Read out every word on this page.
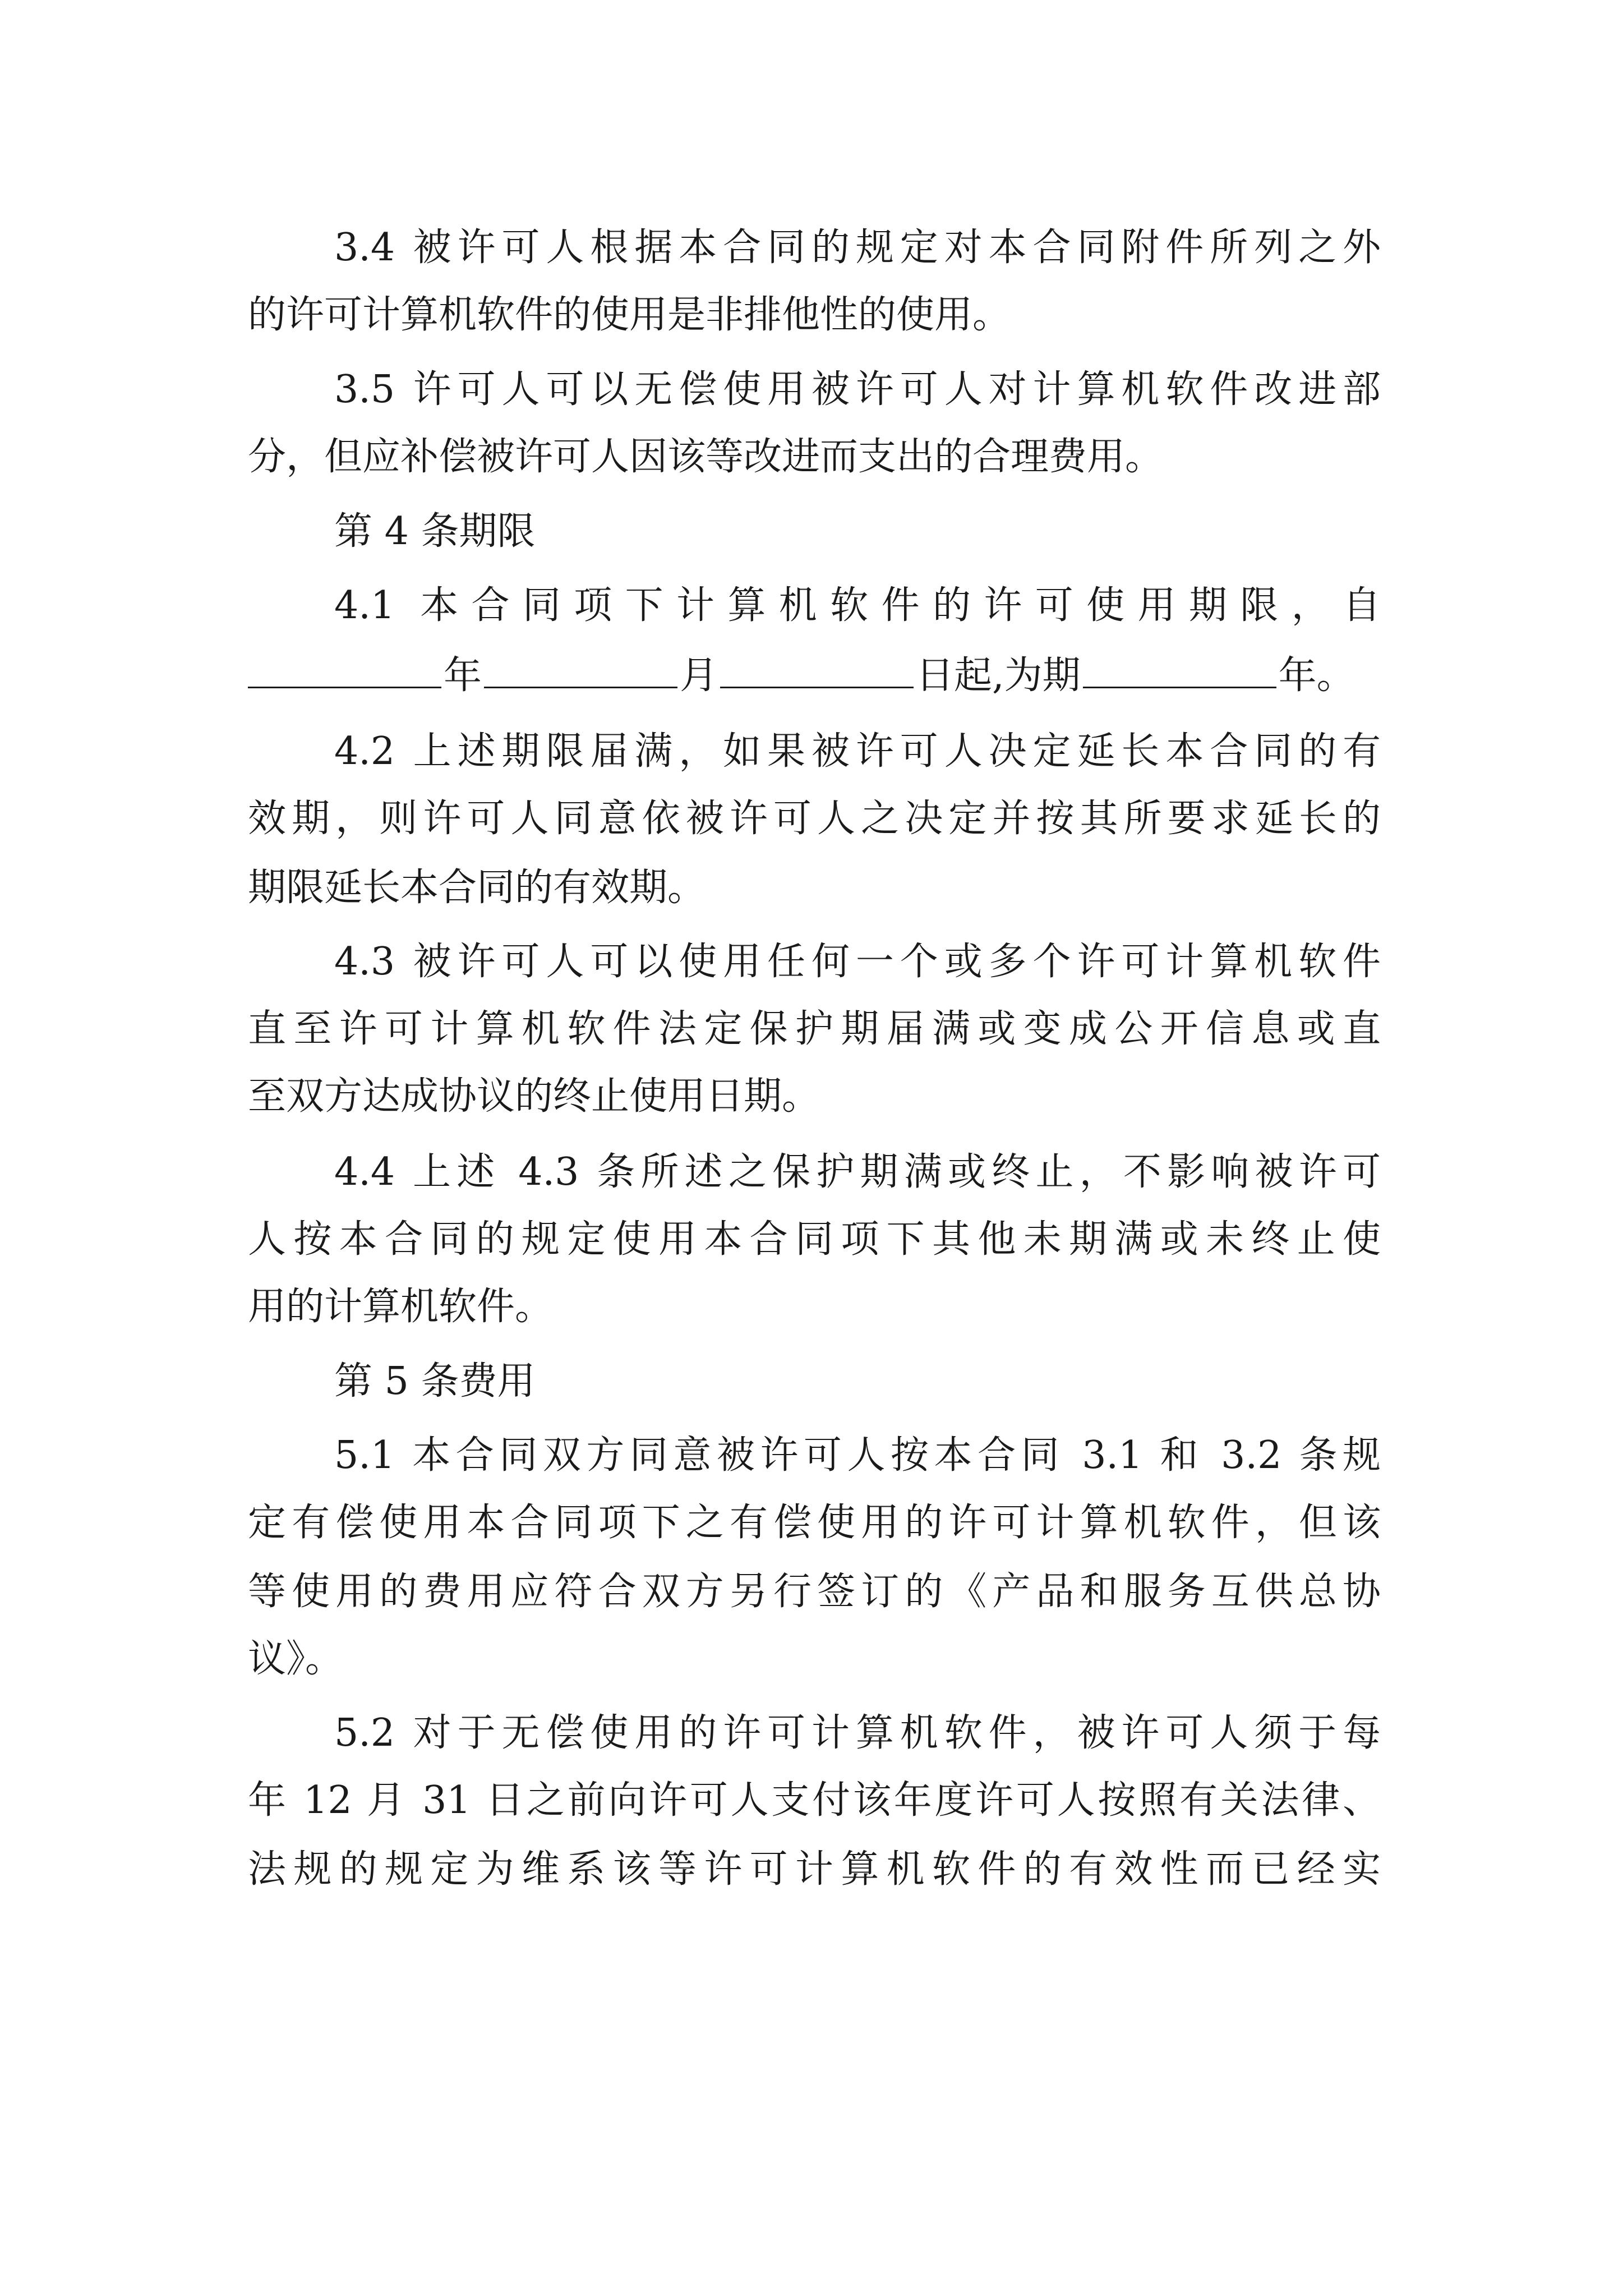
3.4 被许可人根据本合同的规定对本合同附件所列之外
的许可计算机软件的使用是非排他性的使用。
3.5 许可人可以无偿使用被许可人对计算机软件改进部
分，但应补偿被许可人因该等改进而支出的合理费用。
第 4 条期限
4.1 本合同项下计算机软件的许可使用期限，自
年	月	日起,为期	年。
4.2 上述期限届满，如果被许可人决定延长本合同的有
效期，则许可人同意依被许可人之决定并按其所要求延长的
期限延长本合同的有效期。
4.3 被许可人可以使用任何一个或多个许可计算机软件
直至许可计算机软件法定保护期届满或变成公开信息或直
至双方达成协议的终止使用日期。
4.4 上述 4.3 条所述之保护期满或终止，不影响被许可
人按本合同的规定使用本合同项下其他未期满或未终止使
用的计算机软件。
第 5 条费用
5.1 本合同双方同意被许可人按本合同 3.1 和 3.2 条规
定有偿使用本合同项下之有偿使用的许可计算机软件，但该
等使用的费用应符合双方另行签订的《产品和服务互供总协
议》。
5.2 对于无偿使用的许可计算机软件，被许可人须于每
年 12 月 31 日之前向许可人支付该年度许可人按照有关法律、
法规的规定为维系该等许可计算机软件的有效性而已经实
